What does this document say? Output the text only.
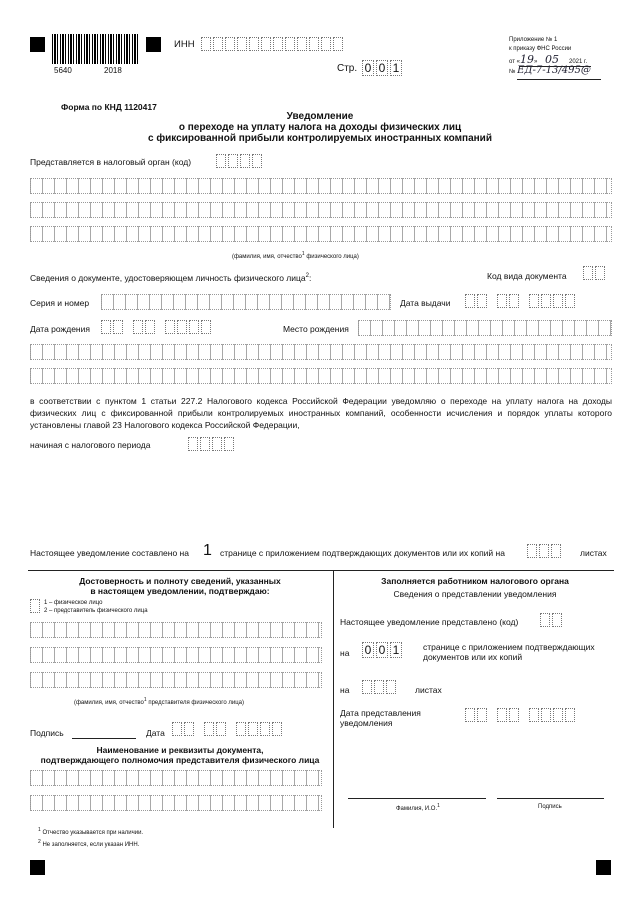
5640	2018
ИНН
Стр. 0 0 1
Приложение № 1
к приказу ФНС России
от «19» 05 2021 г.
№ ЕД-7-13/495@
Форма по КНД 1120417
Уведомление
о переходе на уплату налога на доходы физических лиц
с фиксированной прибыли контролируемых иностранных компаний
Представляется в налоговый орган (код)
(фамилия, имя, отчество$^1$ физического лица)
Сведения о документе, удостоверяющем личность физического лица$^2$:	Код вида документа
Серия и номер	Дата выдачи
Дата рождения	Место рождения
в соответствии с пунктом 1 статьи 227.2 Налогового кодекса Российской Федерации уведомляю о переходе на уплату налога на доходы физических лиц с фиксированной прибыли контролируемых иностранных компаний, особенности исчисления и порядок уплаты которого установлены главой 23 Налогового кодекса Российской Федерации,
начиная с налогового периода
Настоящее уведомление составлено на 1 странице с приложением подтверждающих документов или их копий на	листах
Достоверность и полноту сведений, указанных
в настоящем уведомлении, подтверждаю:
1 – физическое лицо
2 – представитель физического лица
(фамилия, имя, отчество$^1$ представителя физического лица)
Подпись	Дата
Наименование и реквизиты документа,
подтверждающего полномочия представителя физического лица
Заполняется работником налогового органа
Сведения о представлении уведомления
Настоящее уведомление представлено (код)
на 0 0 1	странице с приложением подтверждающих
документов или их копий
на	листах
Дата представления
уведомления
Фамилия, И.О.$^1$	Подпись
$^1$ Отчество указывается при наличии.
$^2$ Не заполняется, если указан ИНН.
